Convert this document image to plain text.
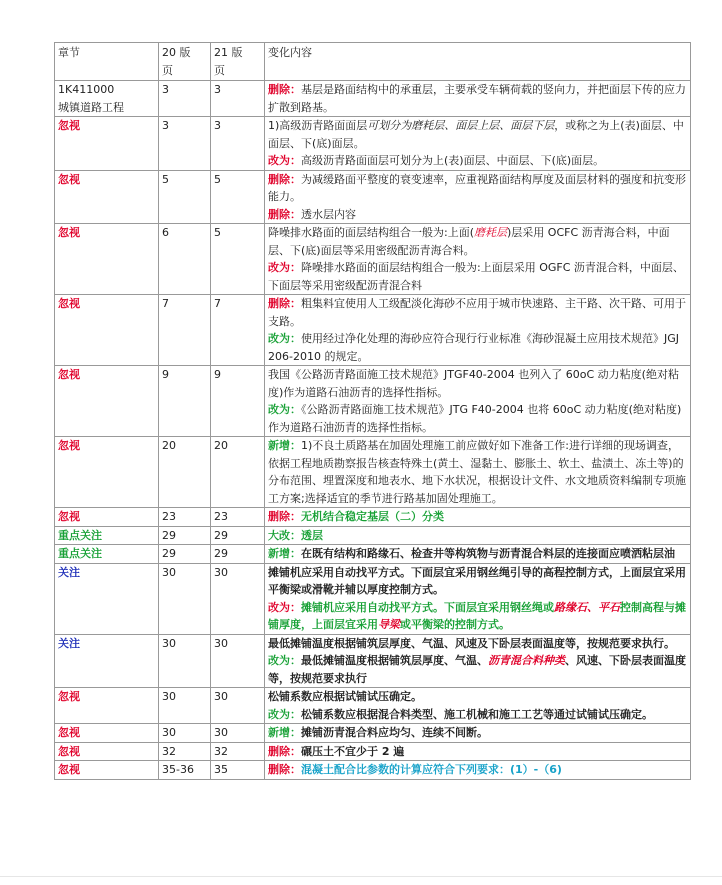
章节	20 版　页	21 版　页	变化内容

1K411000
城镇道路工程	3	3	删除：基层是路面结构中的承重层，主要承受车辆荷载的竖向力，并把面层下传的应力扩散到路基。
忽视	3	3	1)高级沥青路面面层可划分为磨耗层、面层上层、面层下层，或称之为上(表)面层、中面层、下(底)面层。
改为：高级沥青路面面层可划分为上(表)面层、中面层、下(底)面层。

忽视	5	5	删除：为减缓路面平整度的衰变速率，应重视路面结构厚度及面层材料的强度和抗变形能力。
删除：透水层内容

忽视	6	5	降噪排水路面的面层结构组合一般为:上面(磨耗层)层采用 OCFC 沥青海合料，中面层、下(底)面层等采用密级配沥青海合料。
改为：降噪排水路面的面层结构组合一般为:上面层采用 OGFC 沥青混合料，中面层、下面层等采用密级配沥青混合料

忽视	7	7	删除：粗集料宜使用人工级配淡化海砂不应用于城市快速路、主干路、次干路、可用于支路。
改为：使用经过净化处理的海砂应符合现行行业标准《海砂混凝土应用技术规范》JGJ 206-2010 的规定。

忽视	9	9	我国《公路沥青路面施工技术规范》JTGF40-2004 也列入了 60oC 动力粘度(绝对粘度)作为道路石油沥青的选择性指标。
改为：《公路沥青路面施工技术规范》JTG F40-2004 也将 60oC 动力粘度(绝对粘度)作为道路石油沥青的选择性指标。

忽视	20	20	新增：1)不良土质路基在加固处理施工前应做好如下准备工作:进行详细的现场调查，依据工程地质勘察报告核查特殊土(黄土、湿黏土、膨胀土、软土、盐渍土、冻土等)的分布范围、埋置深度和地表水、地下水状况，根据设计文件、水文地质资料编制专项施工方案;选择适宜的季节进行路基加固处理施工。
忽视	23	23	删除：无机结合稳定基层（二）分类
重点关注	29	29	大改：透层
重点关注	29	29	新增：在既有结构和路缘石、检查井等构筑物与沥青混合料层的连接面应喷洒粘层油
关注	30	30	摊铺机应采用自动找平方式。下面层宜采用钢丝绳引导的高程控制方式，上面层宜采用平衡梁或滑靴并辅以厚度控制方式。
改为：摊铺机应采用自动找平方式。下面层宜采用钢丝绳或路缘石、平石控制高程与摊铺厚度，上面层宜采用导梁或平衡梁的控制方式。

关注	30	30	最低摊铺温度根据铺筑层厚度、气温、风速及下卧层表面温度等，按规范要求执行。
改为：最低摊铺温度根据铺筑层厚度、气温、沥青混合料种类、风速、下卧层表面温度等，按规范要求执行

忽视	30	30	松铺系数应根据试铺试压确定。
改为：松铺系数应根据混合料类型、施工机械和施工工艺等通过试铺试压确定。

忽视	30	30	新增：摊铺沥青混合料应均匀、连续不间断。
忽视	32	32	删除：碾压土不宜少于 2 遍
忽视	35-36	35	删除：混凝土配合比参数的计算应符合下列要求：(1）-（6)
